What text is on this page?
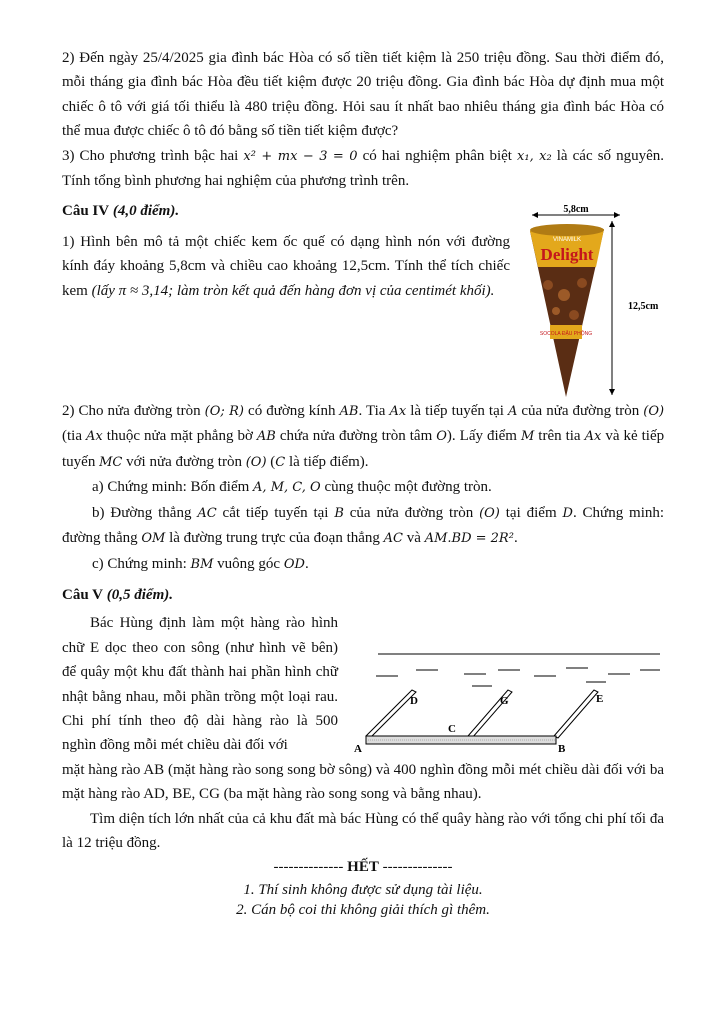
2) Đến ngày 25/4/2025 gia đình bác Hòa có số tiền tiết kiệm là 250 triệu đồng. Sau thời điểm đó, mỗi tháng gia đình bác Hòa đều tiết kiệm được 20 triệu đồng. Gia đình bác Hòa dự định mua một chiếc ô tô với giá tối thiểu là 480 triệu đồng. Hỏi sau ít nhất bao nhiêu tháng gia đình bác Hòa có thể mua được chiếc ô tô đó bằng số tiền tiết kiệm được?

3) Cho phương trình bậc hai x² + mx − 3 = 0 có hai nghiệm phân biệt x₁, x₂ là các số nguyên. Tính tổng bình phương hai nghiệm của phương trình trên.

Câu IV (4,0 điểm).

1) Hình bên mô tả một chiếc kem ốc quế có dạng hình nón với đường kính đáy khoảng 5,8cm và chiều cao khoảng 12,5cm. Tính thể tích chiếc kem (lấy π ≈ 3,14; làm tròn kết quả đến hàng đơn vị của centimét khối).

2) Cho nửa đường tròn (O; R) có đường kính AB. Tia Ax là tiếp tuyến tại A của nửa đường tròn (O) (tia Ax thuộc nửa mặt phẳng bờ AB chứa nửa đường tròn tâm O). Lấy điểm M trên tia Ax và kẻ tiếp tuyến MC với nửa đường tròn (O) (C là tiếp điểm).

a) Chứng minh: Bốn điểm A, M, C, O cùng thuộc một đường tròn.

b) Đường thẳng AC cắt tiếp tuyến tại B của nửa đường tròn (O) tại điểm D. Chứng minh: đường thẳng OM là đường trung trực của đoạn thẳng AC và AM.BD = 2R².

c) Chứng minh: BM vuông góc OD.

Câu V (0,5 điểm).

Bác Hùng định làm một hàng rào hình chữ E dọc theo con sông (như hình vẽ bên) để quây một khu đất thành hai phần hình chữ nhật bằng nhau, mỗi phần trồng một loại rau. Chi phí tính theo độ dài hàng rào là 500 nghìn đồng mỗi mét chiều dài đối với

mặt hàng rào AB (mặt hàng rào song song bờ sông) và 400 nghìn đồng mỗi mét chiều dài đối với ba mặt hàng rào AD, BE, CG (ba mặt hàng rào song song và bằng nhau).

Tìm diện tích lớn nhất của cả khu đất mà bác Hùng có thể quây hàng rào với tổng chi phí tối đa là 12 triệu đồng.

-------------- HẾT --------------

1. Thí sinh không được sử dụng tài liệu.
2. Cán bộ coi thi không giải thích gì thêm.
5,8cm
12,5cm
VINAMILK
Delight
SOCOLA ĐẬU PHỘNG
A	B
C
D	G	E
